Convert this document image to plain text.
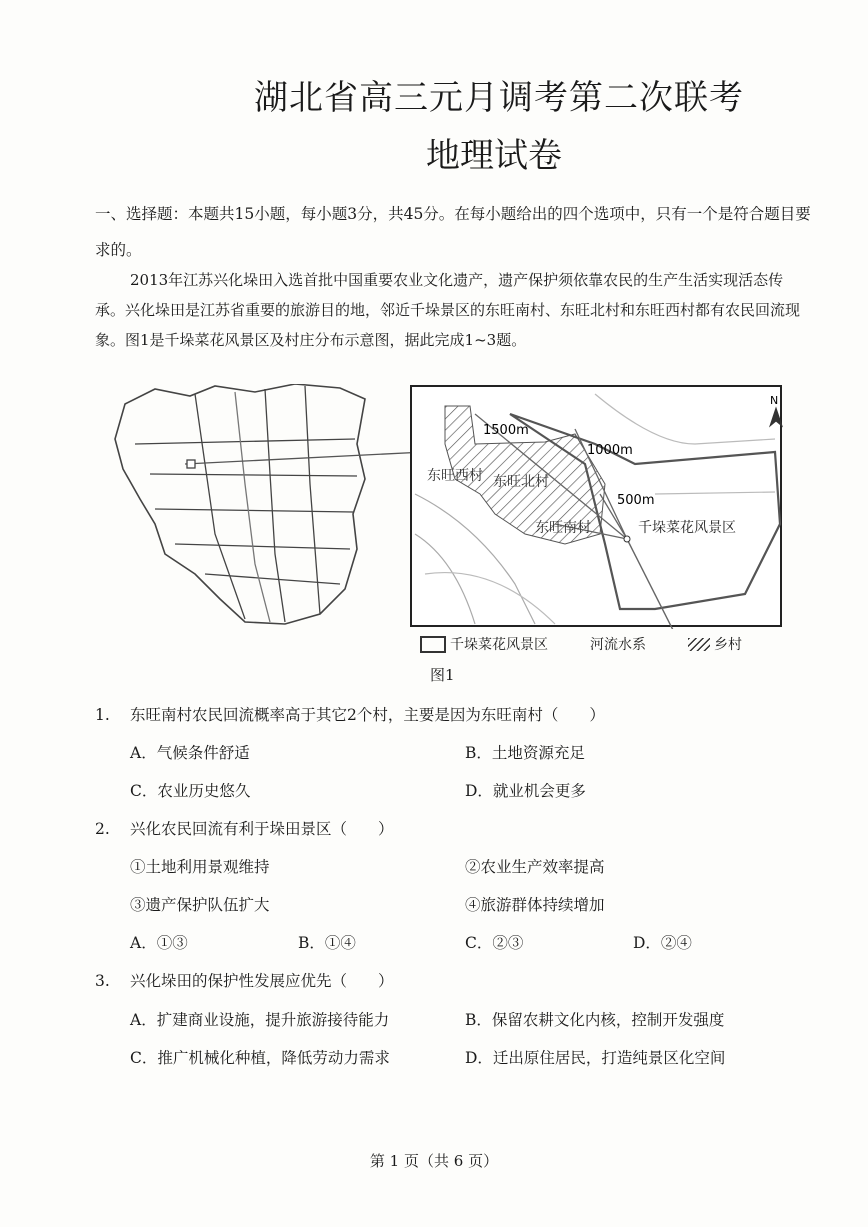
湖北省高三元月调考第二次联考
地理试卷
一、选择题：本题共15小题，每小题3分，共45分。在每小题给出的四个选项中，只有一个是符合题目要求的。
2013年江苏兴化垛田入选首批中国重要农业文化遗产，遗产保护须依靠农民的生产生活实现活态传承。兴化垛田是江苏省重要的旅游目的地，邻近千垛景区的东旺南村、东旺北村和东旺西村都有农民回流现象。图1是千垛菜花风景区及村庄分布示意图，据此完成1~3题。
1500m
1000m
500m
东旺西村 东旺北村
东旺南村	千垛菜花风景区
N
千垛菜花风景区	河流水系	乡村
图1
1. 东旺南村农民回流概率高于其它2个村，主要是因为东旺南村（　　）
A．气候条件舒适	B．土地资源充足
C．农业历史悠久	D．就业机会更多
2. 兴化农民回流有利于垛田景区（　　）
①土地利用景观维持	②农业生产效率提高
③遗产保护队伍扩大	④旅游群体持续增加
A．①③	B．①④	C．②③	D．②④
3. 兴化垛田的保护性发展应优先（　　）
A．扩建商业设施，提升旅游接待能力	B．保留农耕文化内核，控制开发强度
C．推广机械化种植，降低劳动力需求	D．迁出原住居民，打造纯景区化空间
第 1 页（共 6 页）
